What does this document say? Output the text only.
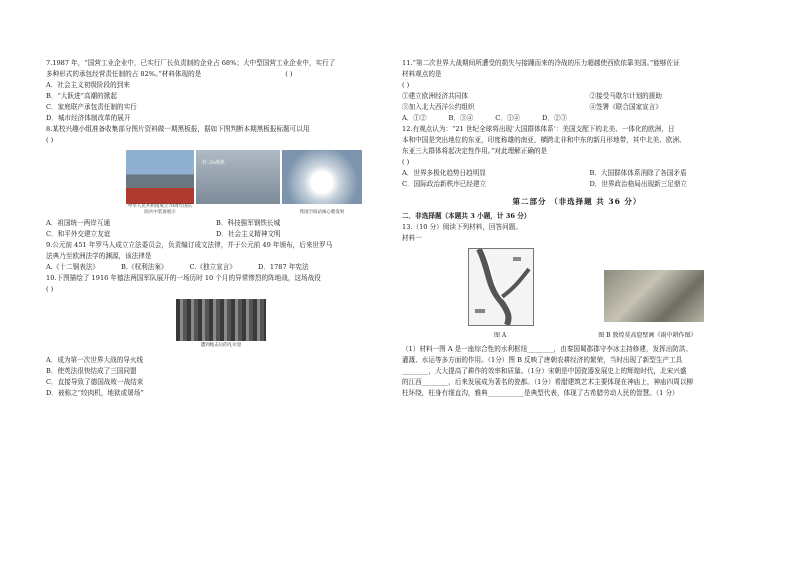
7.1987 年，“国营工业企业中，已实行厂长负责制的企业占 68%；大中型国营工业企业中，实行了
多种形式的承包经营责任制的占 82%。”材料体现的是	( )
A．社会主义初级阶段的到来
B．“大跃进”高潮的掀起
C．家庭联产承包责任制的实行
D．城市经济体制改革的展开
8.某校兴趣小组准备收集部分图片资料做一期黑板报，据如下图判断本期黑板报标题可以用
( )
中华人民共和国成立70周年国庆阅兵中装备展示
歼-20战机
我国空间站核心舱发射
A．祖国统一两岸互通	B．科技强军钢铁长城
C．和平外交建立友谊	D．社会主义精神文明
9.公元前 451 年罗马人成立立法委员会，负责编订成文法律，并于公元前 49 年颁布，后来世罗马
法典乃至欧洲法学的渊源，该法律是
A.《十二铜表法》	B.《权利法案》	C.《独立宣言》	D．1787 年宪法
10.下图描绘了 1916 年德法两国军队展开的一场历时 10 个月的异常惨烈的阵地战，这场战役
( )
遭到炮击后的凡尔登
A．成为第一次世界大战的导火线
B．使英法很快结成了三国同盟
C．直接导致了德国战败一战结束
D．被称之“绞肉机，地狱或屠场”
11.“第二次世界大战期间所遭受的损失与接踵而来的冷战的压力超越使西欧依靠美国。”能够佐证
材料观点的是
( )
①建立欧洲经济共同体	②接受马歇尔计划的援助
③加入北大西洋公约组织	④签署《联合国家宣言》
A．①②	B．③④	C．①④	D．②③
12.有观点认为：“21 世纪全球将出现‘大国群体体系’：美国支配下的北美、一体化的欧洲，日
本和中国是突出地位的东亚，印度称雄的南亚，横跨北非和中东的新月形地带，其中北美、欧洲、
东亚三大群体将起决定性作用。”对此理解正确的是
( )
A．世界多极化趋势日趋明显	B．大国群体体系消除了各国矛盾
C．国际政治新秩序已经建立	D．世界政治格局出现新三足鼎立
第二部分 （非选择题 共 36 分）
二．非选择题（本题共 3 小题，计 36 分）
13.（10 分）阅读下列材料，回答问题。
材料一
图 A	图 B 敦煌莫高窟壁画《雨中耕作图》
（1）材料一图 A 是一座综合性的水利枢纽________，由秦国蜀郡郡守李冰主持修建，发挥出防洪、
灌溉、水运等多方面的作用。（1分）图 B 反映了唐朝农耕经济的繁荣，当时出现了新型生产工具
________，大大提高了耕作的效率和质量。（1分）宋朝是中国瓷器发展史上的辉煌时代，北宋兴盛
的江西________，后来发展成为著名的瓷都。（1分）希腊建筑艺术主要体现在神庙上，神庙四周以柳
柱环绕，柱身有细直沟，雅典___________是典型代表，体现了古希腊劳动人民的智慧。（1 分）
